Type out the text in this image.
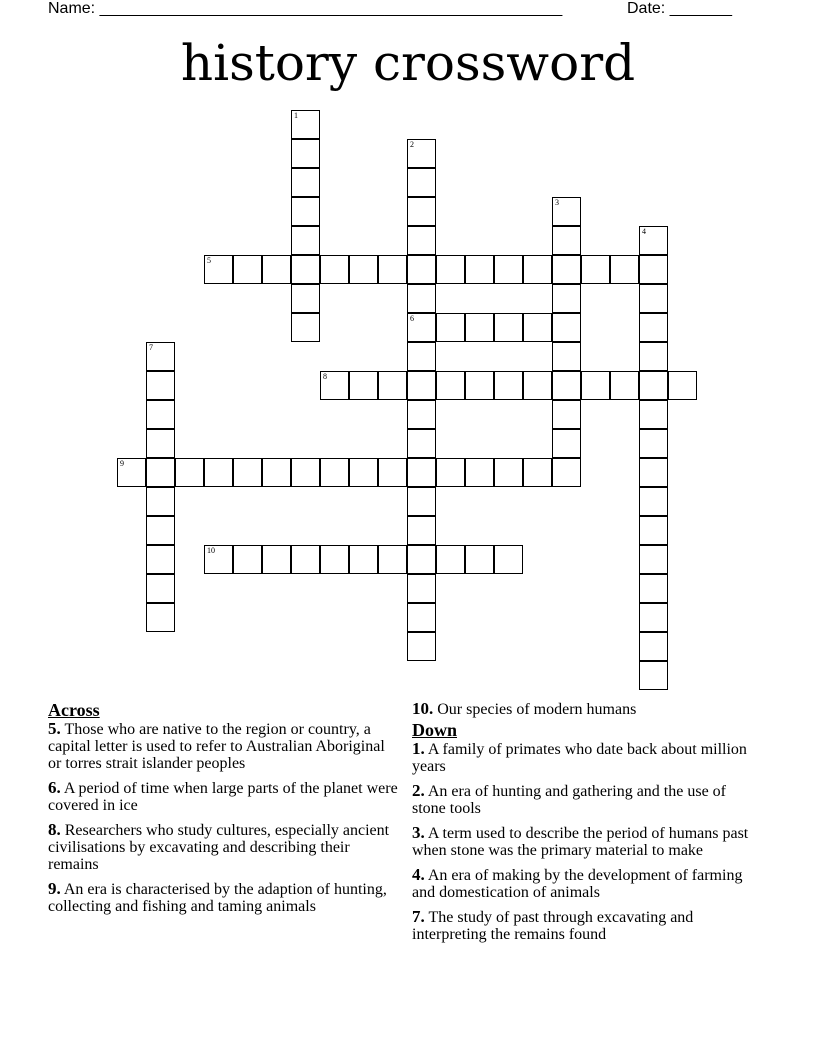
Name: ____________________________________________________	Date: _______
history crossword
1
2
6
3
4
5
7
8
9
10
Across
5. Those who are native to the region or country, a capital letter is used to refer to Australian Aboriginal or torres strait islander peoples
6. A period of time when large parts of the planet were covered in ice
8. Researchers who study cultures, especially ancient civilisations by excavating and describing their remains
9. An era is characterised by the adaption of hunting, collecting and fishing and taming animals
10. Our species of modern humans
Down
1. A family of primates who date back about million years
2. An era of hunting and gathering and the use of stone tools
3. A term used to describe the period of humans past when stone was the primary material to make
4. An era of making by the development of farming and domestication of animals
7. The study of past through excavating and interpreting the remains found
